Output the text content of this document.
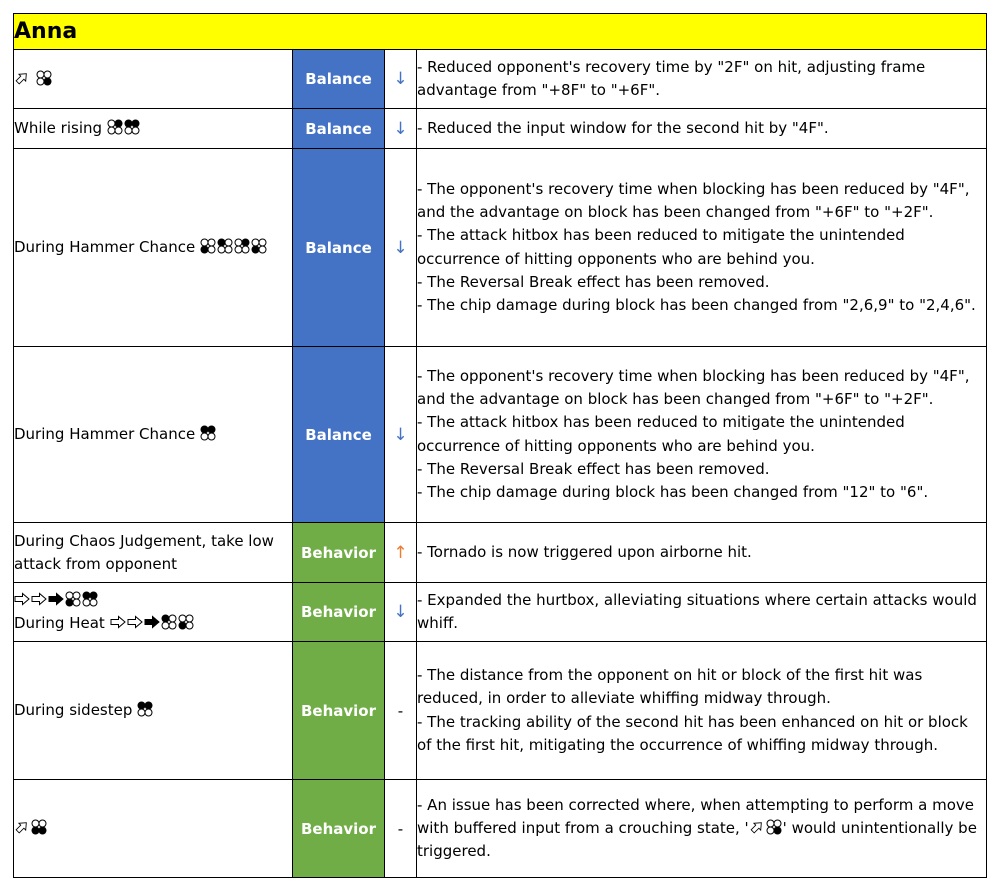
Anna			
	Balance	↓	- Reduced opponent's recovery time by "2F" on hit, adjusting frame advantage from "+8F" to "+6F".

While rising	Balance	↓	- Reduced the input window for the second hit by "4F".

During Hammer Chance	Balance	↓	- The opponent's recovery time when blocking has been reduced by "4F", and the advantage on block has been changed from "+6F" to "+2F".
- The attack hitbox has been reduced to mitigate the unintended occurrence of hitting opponents who are behind you.
- The Reversal Break effect has been removed.
- The chip damage during block has been changed from "2,6,9" to "2,4,6".

During Hammer Chance	Balance	↓	- The opponent's recovery time when blocking has been reduced by "4F", and the advantage on block has been changed from "+6F" to "+2F".
- The attack hitbox has been reduced to mitigate the unintended occurrence of hitting opponents who are behind you.
- The Reversal Break effect has been removed.
- The chip damage during block has been changed from "12" to "6".

During Chaos Judgement, take low attack from opponent	Behavior	↑	- Tornado is now triggered upon airborne hit.

During Heat	Behavior	↓	- Expanded the hurtbox, alleviating situations where certain attacks would whiff.

During sidestep	Behavior	-	- The distance from the opponent on hit or block of the first hit was reduced, in order to alleviate whiffing midway through.
- The tracking ability of the second hit has been enhanced on hit or block of the first hit, mitigating the occurrence of whiffing midway through.

	Behavior	-	- An issue has been corrected where, when attempting to perform a move with buffered input from a crouching state, ' ' would unintentionally be triggered.
